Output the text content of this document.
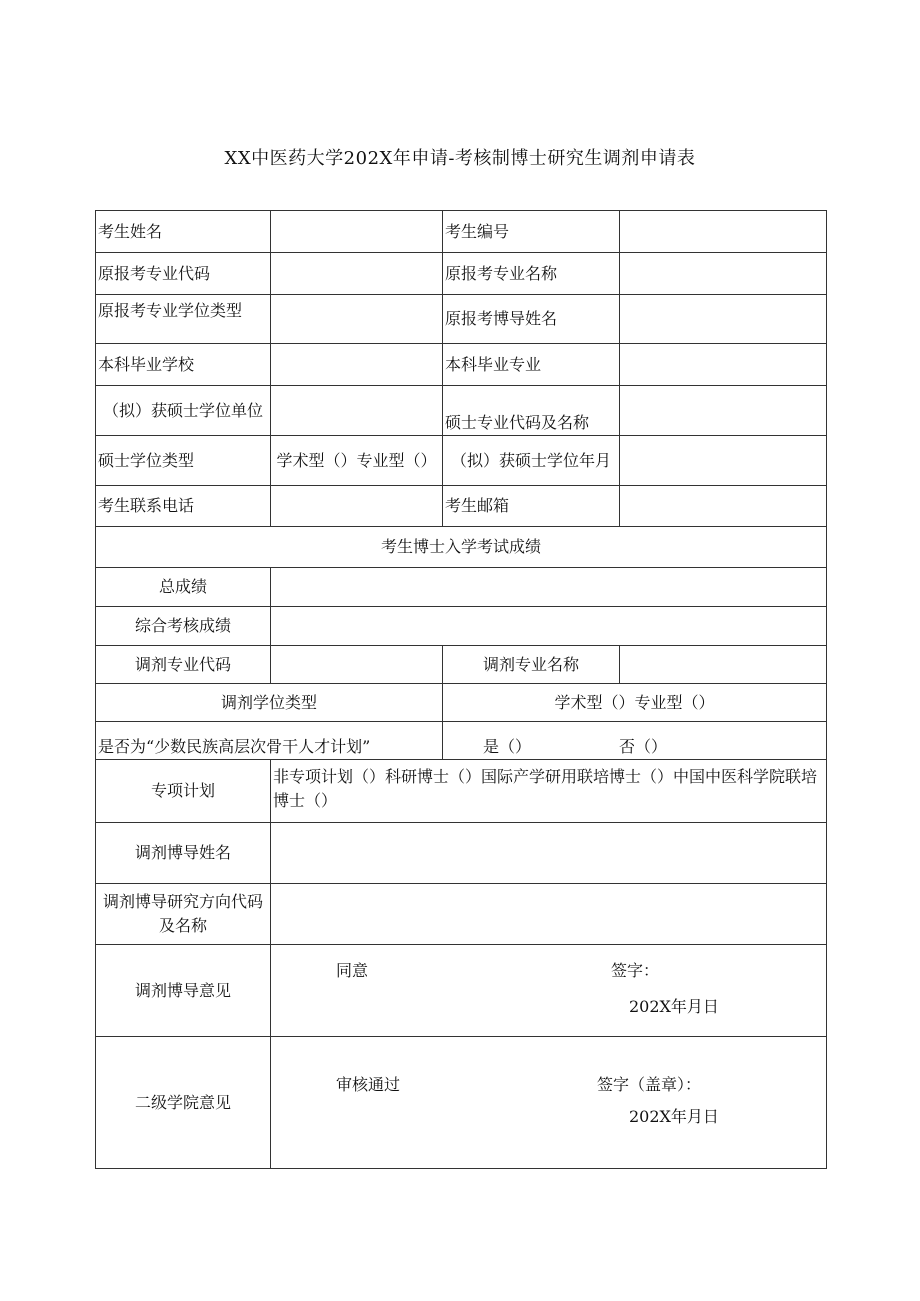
XX中医药大学202X年申请-考核制博士研究生调剂申请表
考生姓名		考生编号	
原报考专业代码		原报考专业名称	
原报考专业学位类型		原报考博导姓名	
本科毕业学校		本科毕业专业	
（拟）获硕士学位单位		硕士专业代码及名称	
硕士学位类型	学术型（）专业型（）	（拟）获硕士学位年月	
考生联系电话		考生邮箱	
考生博士入学考试成绩			
总成绩			
综合考核成绩			
调剂专业代码		调剂专业名称	
调剂学位类型		学术型（）专业型（）	
是否为“少数民族高层次骨干人才计划”		是（） 否（）	
专项计划	非专项计划（）科研博士（）国际产学研用联培博士（）中国中医科学院联培博士（）		
调剂博导姓名			
调剂博导研究方向代码及名称			
调剂博导意见	同意 签字：
202X年月日		

二级学院意见	审核通过 签字（盖章）：
202X年月日		
